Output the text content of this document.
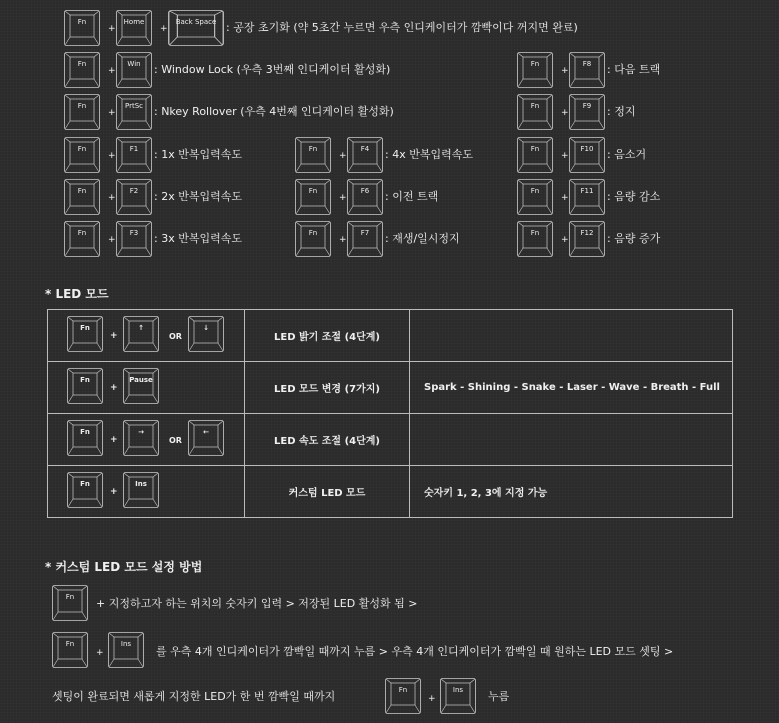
Fn
+
Home
+
Back Space : 공장 초기화 (약 5초간 누르면 우측 인디케이터가 깜빡이다 꺼지면 완료)
Fn
+
Win	: Window Lock (우측 3번째 인디케이터 활성화)
Fn
+
PrtSc	: Nkey Rollover (우측 4번째 인디케이터 활성화)
Fn
+
F1	: 1x 반복입력속도
Fn
+
F2	: 2x 반복입력속도
Fn
+
F3	: 3x 반복입력속도
Fn
+
F4	: 4x 반복입력속도
Fn
+
F6	: 이전 트랙
Fn
+
F7	: 재생/일시정지
Fn
+
F8	: 다음 트랙
Fn
+
F9	: 정지
Fn
+
F10	: 음소거
Fn
+
F11	: 음량 감소
Fn
+
F12	: 음량 증가
* LED 모드
Fn
+
↑
OR
↓	LED 밝기 조절 (4단계)	

Fn
+
Pause	LED 모드 변경 (7가지)	Spark - Shining - Snake - Laser - Wave - Breath - Full

Fn
+
→
OR
←	LED 속도 조절 (4단계)	

Fn
+
Ins	커스텀 LED 모드	숫자키 1, 2, 3에 지정 가능
* 커스텀 LED 모드 설정 방법
Fn	+ 지정하고자 하는 위치의 숫자키 입력 > 저장된 LED 활성화 됨 >
Fn
+
Ins
를 우측 4개 인디케이터가 깜빡일 때까지 누름 > 우측 4개 인디케이터가 깜빡일 때 원하는 LED 모드 셋팅 >
셋팅이 완료되면 새롭게 지정한 LED가 한 번 깜빡일 때까지	Fn
+
Ins	누름
